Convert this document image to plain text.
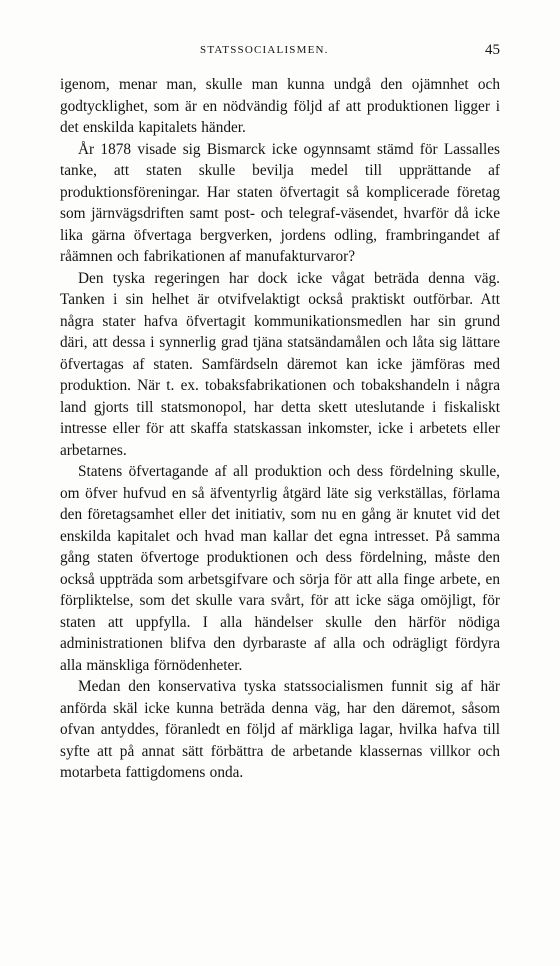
STATSSOCIALISMEN.	45

igenom, menar man, skulle man kunna undgå den ojämnhet och godtycklighet, som är en nödvändig följd af att produktionen ligger i det enskilda kapitalets händer.

År 1878 visade sig Bismarck icke ogynnsamt stämd för Lassalles tanke, att staten skulle bevilja medel till upprättande af produktionsföreningar. Har staten öfvertagit så komplicerade företag som järnvägsdriften samt post- och telegraf-väsendet, hvarför då icke lika gärna öfvertaga bergverken, jordens odling, frambringandet af råämnen och fabrikationen af manufakturvaror?

Den tyska regeringen har dock icke vågat beträda denna väg. Tanken i sin helhet är otvifvelaktigt också praktiskt outförbar. Att några stater hafva öfvertagit kommunikationsmedlen har sin grund däri, att dessa i synnerlig grad tjäna statsändamålen och låta sig lättare öfvertagas af staten. Samfärdseln däremot kan icke jämföras med produktion. När t. ex. tobaksfabrikationen och tobakshandeln i några land gjorts till statsmonopol, har detta skett uteslutande i fiskaliskt intresse eller för att skaffa statskassan inkomster, icke i arbetets eller arbetarnes.

Statens öfvertagande af all produktion och dess fördelning skulle, om öfver hufvud en så äfventyrlig åtgärd läte sig verkställas, förlama den företagsamhet eller det initiativ, som nu en gång är knutet vid det enskilda kapitalet och hvad man kallar det egna intresset. På samma gång staten öfvertoge produktionen och dess fördelning, måste den också uppträda som arbetsgifvare och sörja för att alla finge arbete, en förpliktelse, som det skulle vara svårt, för att icke säga omöjligt, för staten att uppfylla. I alla händelser skulle den härför nödiga administrationen blifva den dyrbaraste af alla och odrägligt fördyra alla mänskliga förnödenheter.

Medan den konservativa tyska statssocialismen funnit sig af här anförda skäl icke kunna beträda denna väg, har den däremot, såsom ofvan antyddes, föranledt en följd af märkliga lagar, hvilka hafva till syfte att på annat sätt förbättra de arbetande klassernas villkor och motarbeta fattigdomens onda.
